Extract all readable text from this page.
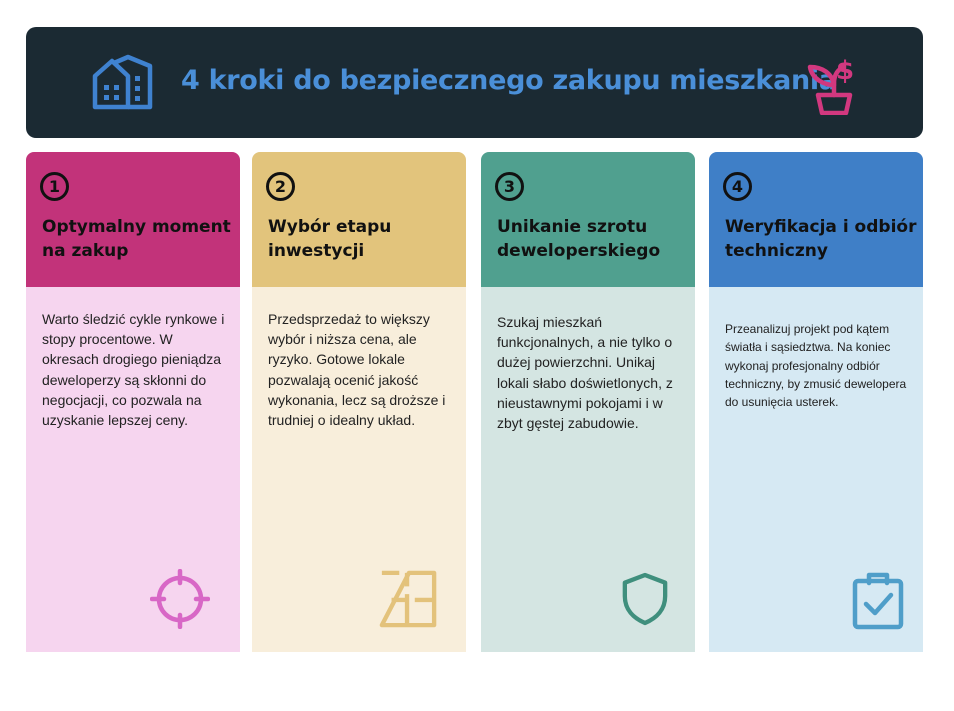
4 kroki do bezpiecznego zakupu mieszkania $
1
Optymalny moment na zakup
Warto śledzić cykle rynkowe i stopy procentowe. W okresach drogiego pieniądza deweloperzy są skłonni do negocjacji, co pozwala na uzyskanie lepszej ceny.
2
Wybór etapu inwestycji
Przedsprzedaż to większy wybór i niższa cena, ale ryzyko. Gotowe lokale pozwalają ocenić jakość wykonania, lecz są droższe i trudniej o idealny układ.
3
Unikanie szrotu deweloperskiego
Szukaj mieszkań funkcjonalnych, a nie tylko o dużej powierzchni. Unikaj lokali słabo doświetlonych, z nieustawnymi pokojami i w zbyt gęstej zabudowie.
4
Weryfikacja i odbiór techniczny
Przeanalizuj projekt pod kątem światła i sąsiedztwa. Na koniec wykonaj profesjonalny odbiór techniczny, by zmusić dewelopera do usunięcia usterek.
